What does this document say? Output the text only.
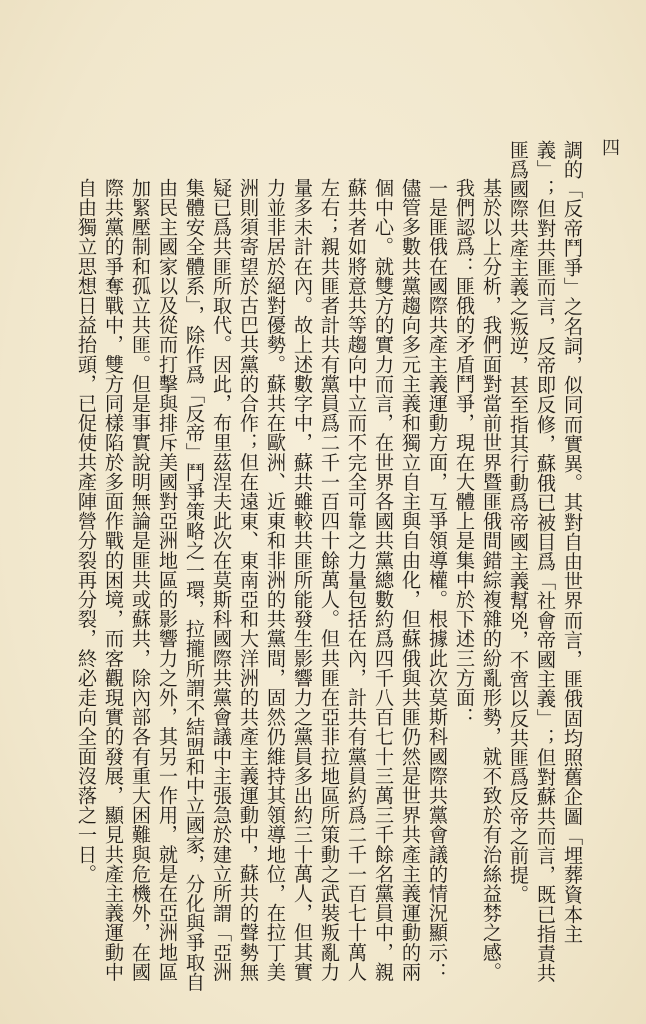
四

調的「反帝鬥爭」之名詞，似同而實異。其對自由世界而言，匪俄固均照舊企圖「埋葬資本主義」；但對共匪而言，反帝即反修，蘇俄已被目爲「社會帝國主義」；但對蘇共而言，既已指責共匪爲國際共產主義之叛逆，甚至指其行動爲帝國主義幫兇，不啻以反共匪爲反帝之前提。

基於以上分析，我們面對當前世界暨匪俄間錯綜複雜的紛亂形勢，就不致於有治絲益棼之感。我們認爲：匪俄的矛盾鬥爭，現在大體上是集中於下述三方面：

一是匪俄在國際共產主義運動方面，互爭領導權。根據此次莫斯科國際共黨會議的情況顯示：儘管多數共黨趨向多元主義和獨立自主與自由化，但蘇俄與共匪仍然是世界共產主義運動的兩個中心。就雙方的實力而言，在世界各國共黨總數約爲四千八百七十三萬三千餘名黨員中，親蘇共者如將意共等趨向中立而不完全可靠之力量包括在內，計共有黨員約爲二千一百七十萬人左右；親共匪者計共有黨員爲二千一百四十餘萬人。但共匪在亞非拉地區所策動之武裝叛亂力量多未計在內。故上述數字中，蘇共雖較共匪所能發生影響力之黨員多出約三十萬人，但其實力並非居於絕對優勢。蘇共在歐洲、近東和非洲的共黨間，固然仍維持其領導地位，在拉丁美洲則須寄望於古巴共黨的合作；但在遠東、東南亞和大洋洲的共產主義運動中，蘇共的聲勢無疑已爲共匪所取代。因此，布里茲涅夫此次在莫斯科國際共黨會議中主張急於建立所謂「亞洲集體安全體系」，除作爲「反帝」鬥爭策略之一環，拉攏所謂不結盟和中立國家，分化與爭取自由民主國家以及從而打擊與排斥美國對亞洲地區的影響力之外，其另一作用，就是在亞洲地區加緊壓制和孤立共匪。但是事實說明無論是匪共或蘇共，除內部各有重大困難與危機外，在國際共黨的爭奪戰中，雙方同樣陷於多面作戰的困境，而客觀現實的發展，顯見共產主義運動中自由獨立思想日益抬頭，已促使共產陣營分裂再分裂，終必走向全面沒落之一日。
